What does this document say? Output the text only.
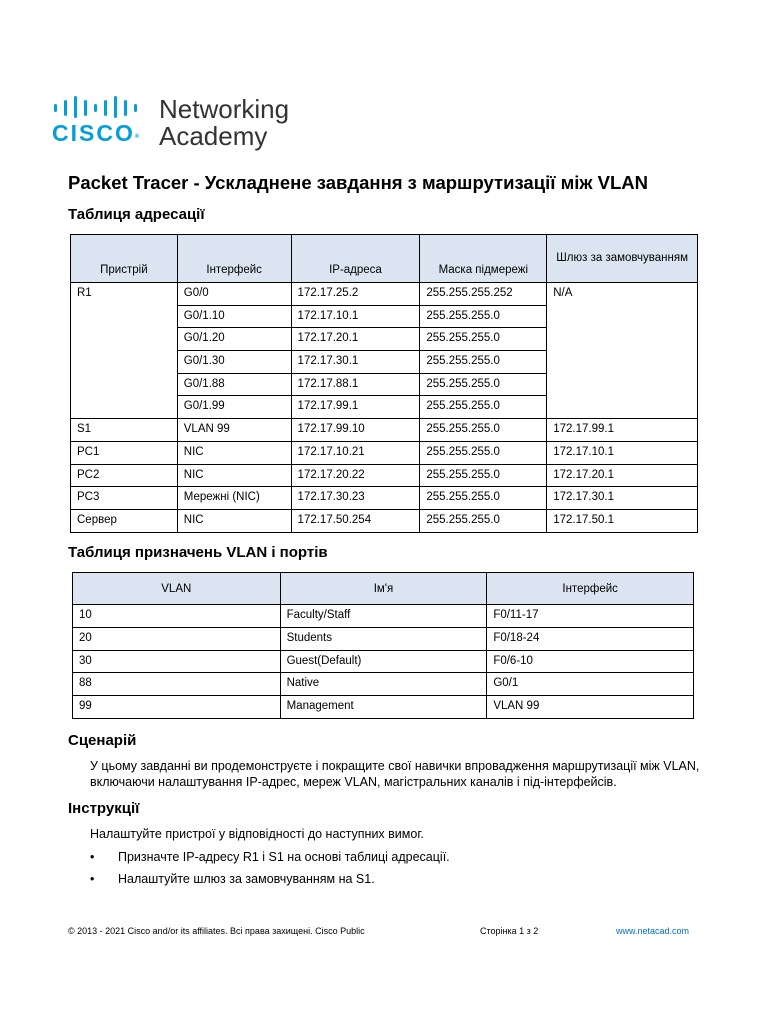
CISCO®
Networking
Academy
Packet Tracer - Ускладнене завдання з маршрутизації між VLAN
Таблиця адресації
Пристрій	Інтерфейс	IP-адреса	Маска підмережі	Шлюз за замовчуванням
R1	G0/0	172.17.25.2	255.255.255.252	N/A
	G0/1.10	172.17.10.1	255.255.255.0	
	G0/1.20	172.17.20.1	255.255.255.0	
	G0/1.30	172.17.30.1	255.255.255.0	
	G0/1.88	172.17.88.1	255.255.255.0	
	G0/1.99	172.17.99.1	255.255.255.0	
S1	VLAN 99	172.17.99.10	255.255.255.0	172.17.99.1
PC1	NIC	172.17.10.21	255.255.255.0	172.17.10.1
PC2	NIC	172.17.20.22	255.255.255.0	172.17.20.1
PC3	Мережні (NIC)	172.17.30.23	255.255.255.0	172.17.30.1
Сервер	NIC	172.17.50.254	255.255.255.0	172.17.50.1
Таблиця призначень VLAN і портів
VLAN	Ім'я	Інтерфейс
10	Faculty/Staff	F0/11-17
20	Students	F0/18-24
30	Guest(Default)	F0/6-10
88	Native	G0/1
99	Management	VLAN 99
Сценарій

У цьому завданні ви продемонструєте і покращите свої навички впровадження маршрутизації між VLAN, включаючи налаштування IP-адрес, мереж VLAN, магістральних каналів і під-інтерфейсів.

Інструкції

Налаштуйте пристрої у відповідності до наступних вимог.

• Призначте IP-адресу R1 і S1 на основі таблиці адресації.
• Налаштуйте шлюз за замовчуванням на S1.
© 2013 - 2021 Cisco and/or its affiliates. Всі права захищені. Cisco Public	Сторінка 1 з 2	www.netacad.com
